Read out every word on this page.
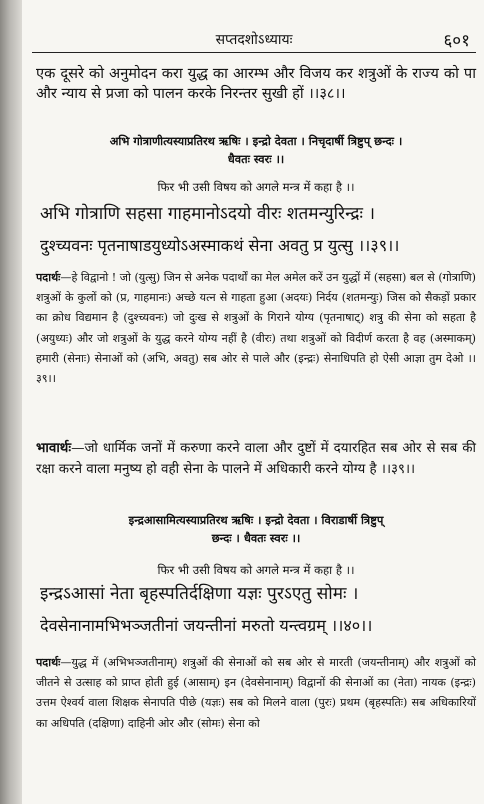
सप्तदशोऽध्यायः	६०१

एक दूसरे को अनुमोदन करा युद्ध का आरम्भ और विजय कर शत्रुओं के राज्य को पा और न्याय से प्रजा को पालन करके निरन्तर सुखी हों ।।३८।।

अभि गोत्राणीत्यस्याप्रतिरथ ऋषिः । इन्द्रो देवता । निचृदार्षी त्रिष्टुप् छन्दः ।

धैवतः स्वरः ।।

फिर भी उसी विषय को अगले मन्त्र में कहा है ।।

अभि गोत्राणि सहसा गाहमानोऽदयो वीरः शतमन्युरिन्द्रः ।

दुश्च्यवनः पृतनाषाडयुध्योऽअस्माकथं सेना अवतु प्र युत्सु ।।३९।।

पदार्थः—हे विद्वानो ! जो (युत्सु) जिन से अनेक पदार्थों का मेल अमेल करें उन युद्धों में (सहसा) बल से (गोत्राणि) शत्रुओं के कुलों को (प्र, गाहमानः) अच्छे यत्न से गाहता हुआ (अदयः) निर्दय (शतमन्युः) जिस को सैकड़ों प्रकार का क्रोध विद्यमान है (दुश्च्यवनः) जो दुःख से शत्रुओं के गिराने योग्य (पृतनाषाट्) शत्रु की सेना को सहता है (अयुध्यः) और जो शत्रुओं के युद्ध करने योग्य नहीं है (वीरः) तथा शत्रुओं को विदीर्ण करता है वह (अस्माकम्) हमारी (सेनाः) सेनाओं को (अभि, अवतु) सब ओर से पाले और (इन्द्रः) सेनाधिपति हो ऐसी आज्ञा तुम देओ ।।३९।।

भावार्थः—जो धार्मिक जनों में करुणा करने वाला और दुष्टों में दयारहित सब ओर से सब की रक्षा करने वाला मनुष्य हो वही सेना के पालने में अधिकारी करने योग्य है ।।३९।।

इन्द्रआसामित्यस्याप्रतिरथ ऋषिः । इन्द्रो देवता । विराडार्षी त्रिष्टुप्

छन्दः । धैवतः स्वरः ।।

फिर भी उसी विषय को अगले मन्त्र में कहा है ।।

इन्द्रऽआसां नेता बृहस्पतिर्दक्षिणा यज्ञः पुरऽएतु सोमः ।

देवसेनानामभिभञ्जतीनां जयन्तीनां मरुतो यन्त्वग्रम् ।।४०।।

पदार्थः—युद्ध में (अभिभञ्जतीनाम्) शत्रुओं की सेनाओं को सब ओर से मारती (जयन्तीनाम्) और शत्रुओं को जीतने से उत्साह को प्राप्त होती हुई (आसाम्) इन (देवसेनानाम्) विद्वानों की सेनाओं का (नेता) नायक (इन्द्रः) उत्तम ऐश्वर्य वाला शिक्षक सेनापति पीछे (यज्ञः) सब को मिलने वाला (पुरः) प्रथम (बृहस्पतिः) सब अधिकारियों का अधिपति (दक्षिणा) दाहिनी ओर और (सोमः) सेना को
